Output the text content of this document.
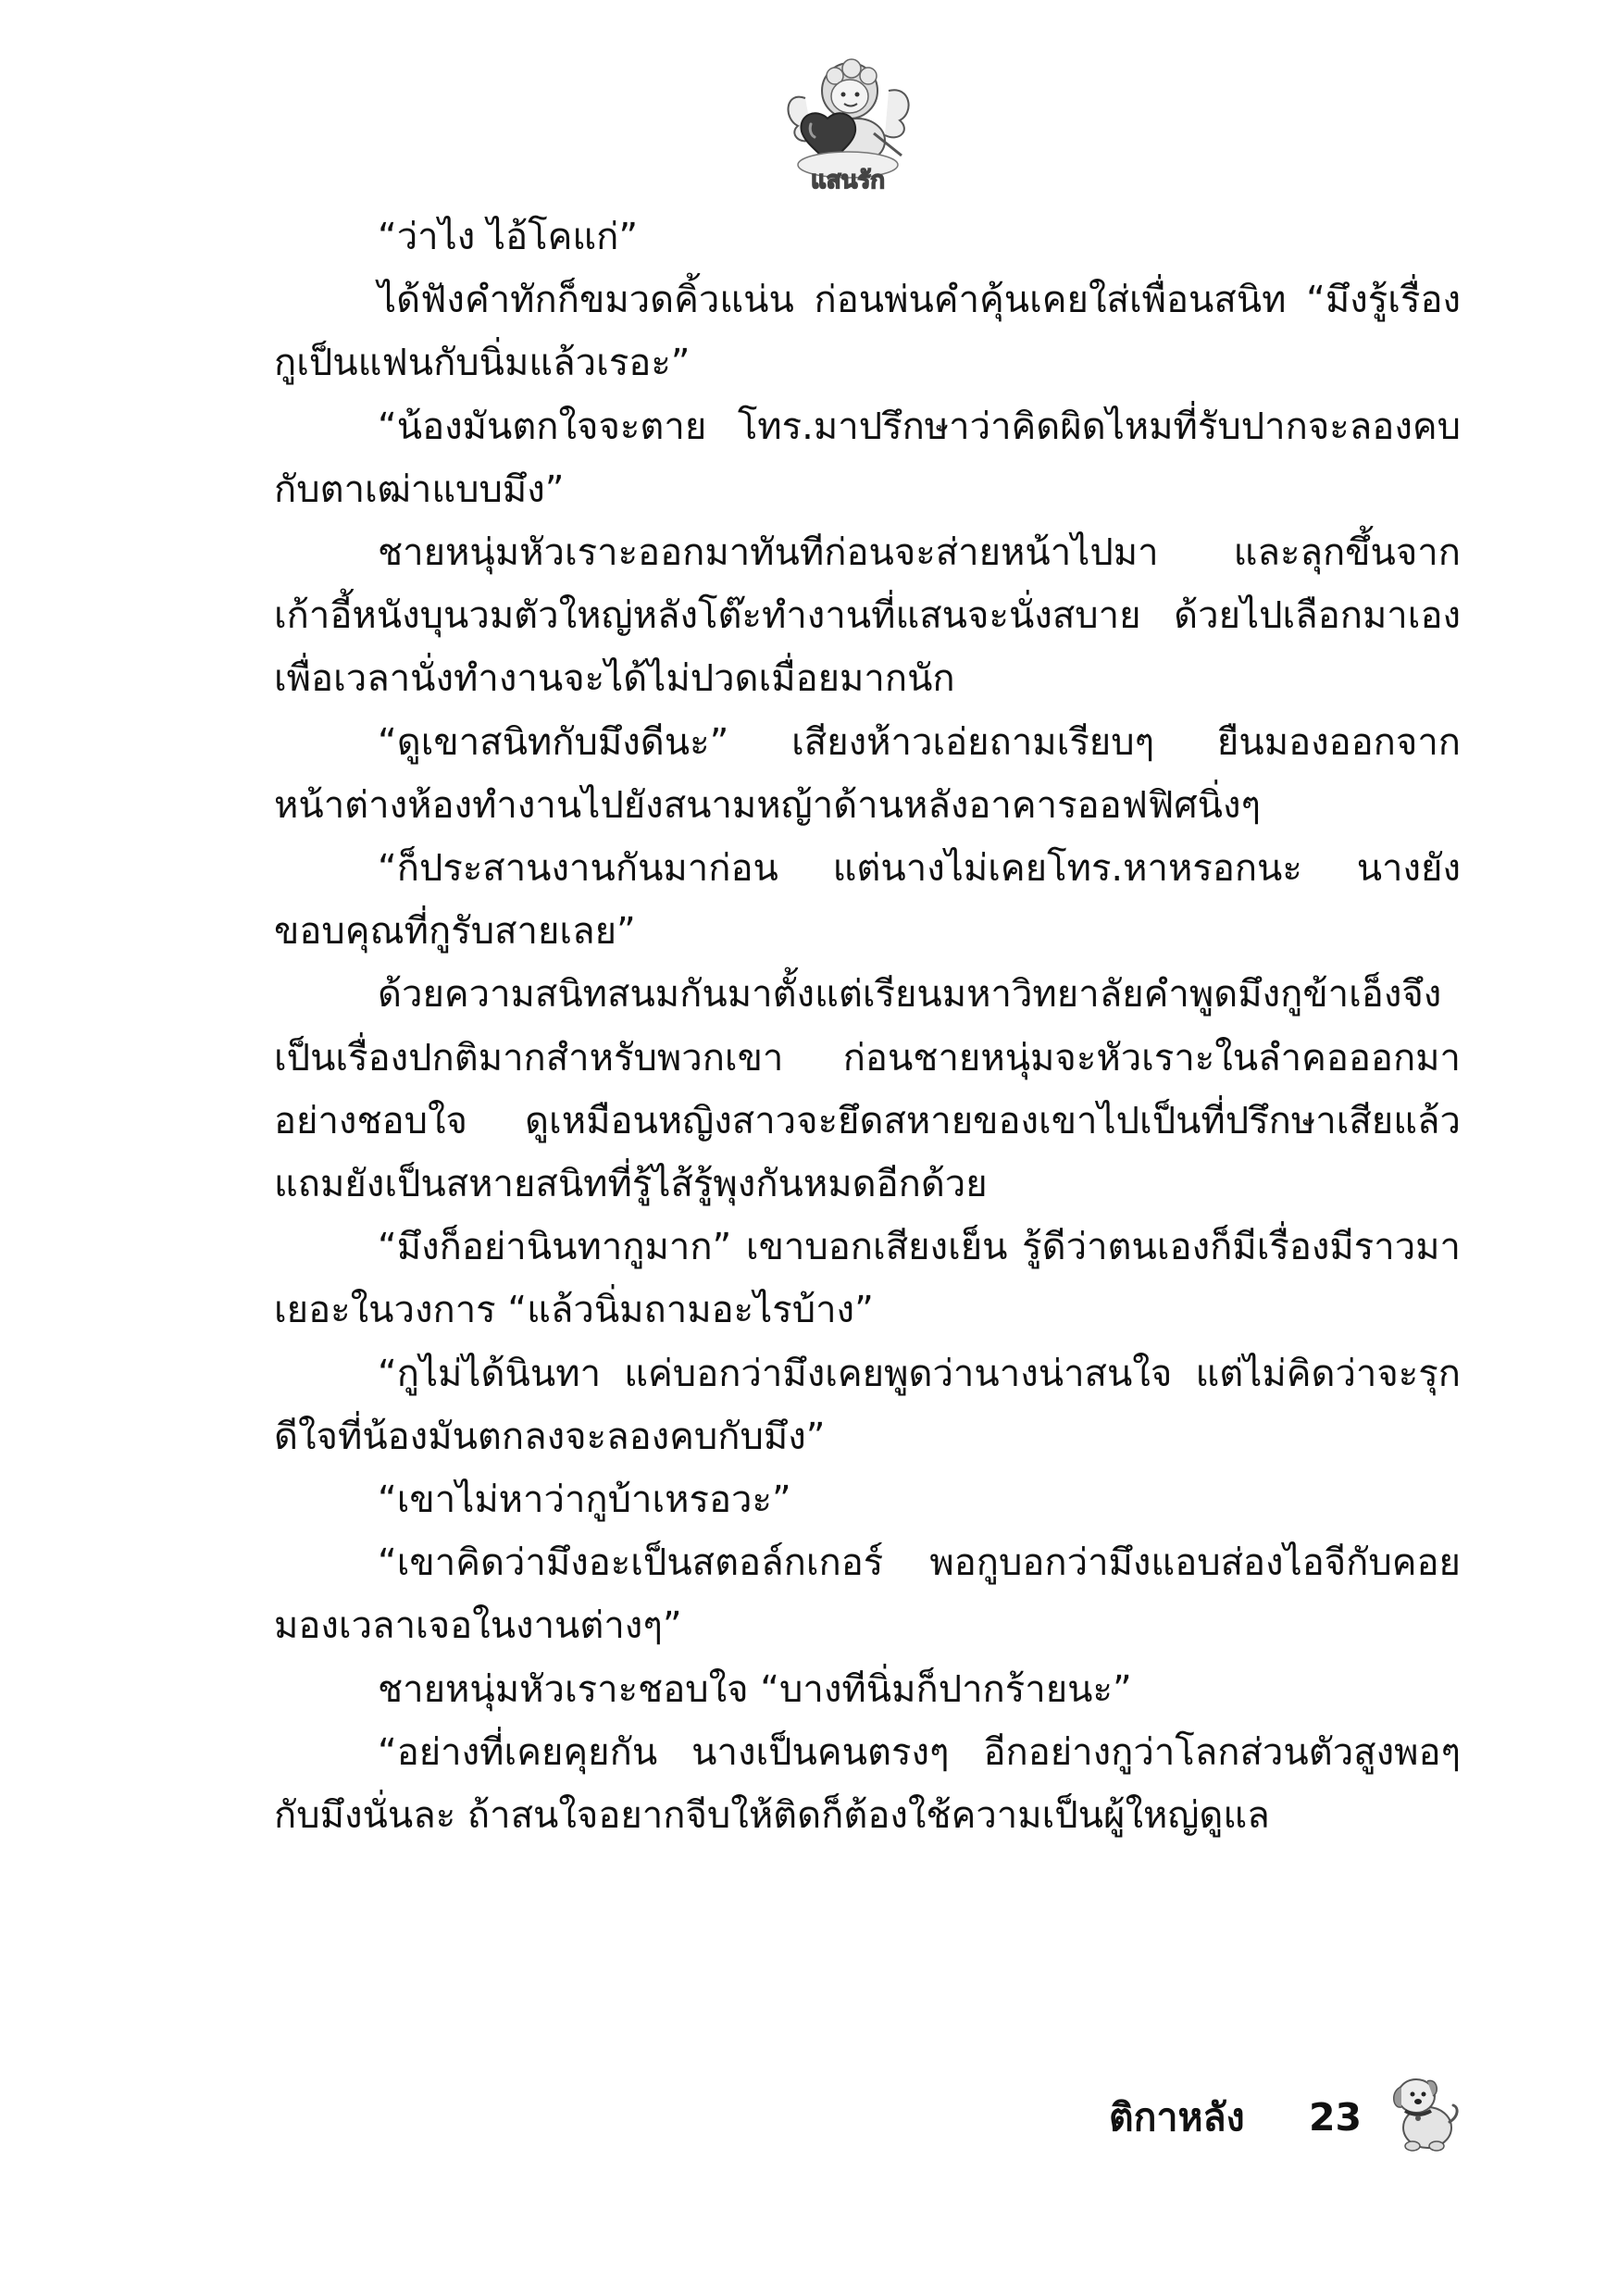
แสนรัก

“ว่าไง ไอ้โคแก่”

ได้ฟังคำทักก็ขมวดคิ้วแน่น ก่อนพ่นคำคุ้นเคยใส่เพื่อนสนิท “มึงรู้เรื่องกูเป็นแฟนกับนิ่มแล้วเรอะ”

“น้องมันตกใจจะตาย โทร.มาปรึกษาว่าคิดผิดไหมที่รับปากจะลองคบกับตาเฒ่าแบบมึง”

ชายหนุ่มหัวเราะออกมาทันทีก่อนจะส่ายหน้าไปมา และลุกขึ้นจากเก้าอี้หนังบุนวมตัวใหญ่หลังโต๊ะทำงานที่แสนจะนั่งสบาย ด้วยไปเลือกมาเองเพื่อเวลานั่งทำงานจะได้ไม่ปวดเมื่อยมากนัก

“ดูเขาสนิทกับมึงดีนะ” เสียงห้าวเอ่ยถามเรียบๆ ยืนมองออกจากหน้าต่างห้องทำงานไปยังสนามหญ้าด้านหลังอาคารออฟฟิศนิ่งๆ

“ก็ประสานงานกันมาก่อน แต่นางไม่เคยโทร.หาหรอกนะ นางยังขอบคุณที่กูรับสายเลย”

ด้วยความสนิทสนมกันมาตั้งแต่เรียนมหาวิทยาลัยคำพูดมึงกูข้าเอ็งจึงเป็นเรื่องปกติมากสำหรับพวกเขา ก่อนชายหนุ่มจะหัวเราะในลำคอออกมาอย่างชอบใจ ดูเหมือนหญิงสาวจะยึดสหายของเขาไปเป็นที่ปรึกษาเสียแล้ว แถมยังเป็นสหายสนิทที่รู้ไส้รู้พุงกันหมดอีกด้วย

“มึงก็อย่านินทากูมาก” เขาบอกเสียงเย็น รู้ดีว่าตนเองก็มีเรื่องมีราวมาเยอะในวงการ “แล้วนิ่มถามอะไรบ้าง”

“กูไม่ได้นินทา แค่บอกว่ามึงเคยพูดว่านางน่าสนใจ แต่ไม่คิดว่าจะรุกดีใจที่น้องมันตกลงจะลองคบกับมึง”

“เขาไม่หาว่ากูบ้าเหรอวะ”

“เขาคิดว่ามึงอะเป็นสตอล์กเกอร์ พอกูบอกว่ามึงแอบส่องไอจีกับคอยมองเวลาเจอในงานต่างๆ”

ชายหนุ่มหัวเราะชอบใจ “บางทีนิ่มก็ปากร้ายนะ”

“อย่างที่เคยคุยกัน นางเป็นคนตรงๆ อีกอย่างกูว่าโลกส่วนตัวสูงพอๆ กับมึงนั่นละ ถ้าสนใจอยากจีบให้ติดก็ต้องใช้ความเป็นผู้ใหญ่ดูแล

ติกาหลัง 23
